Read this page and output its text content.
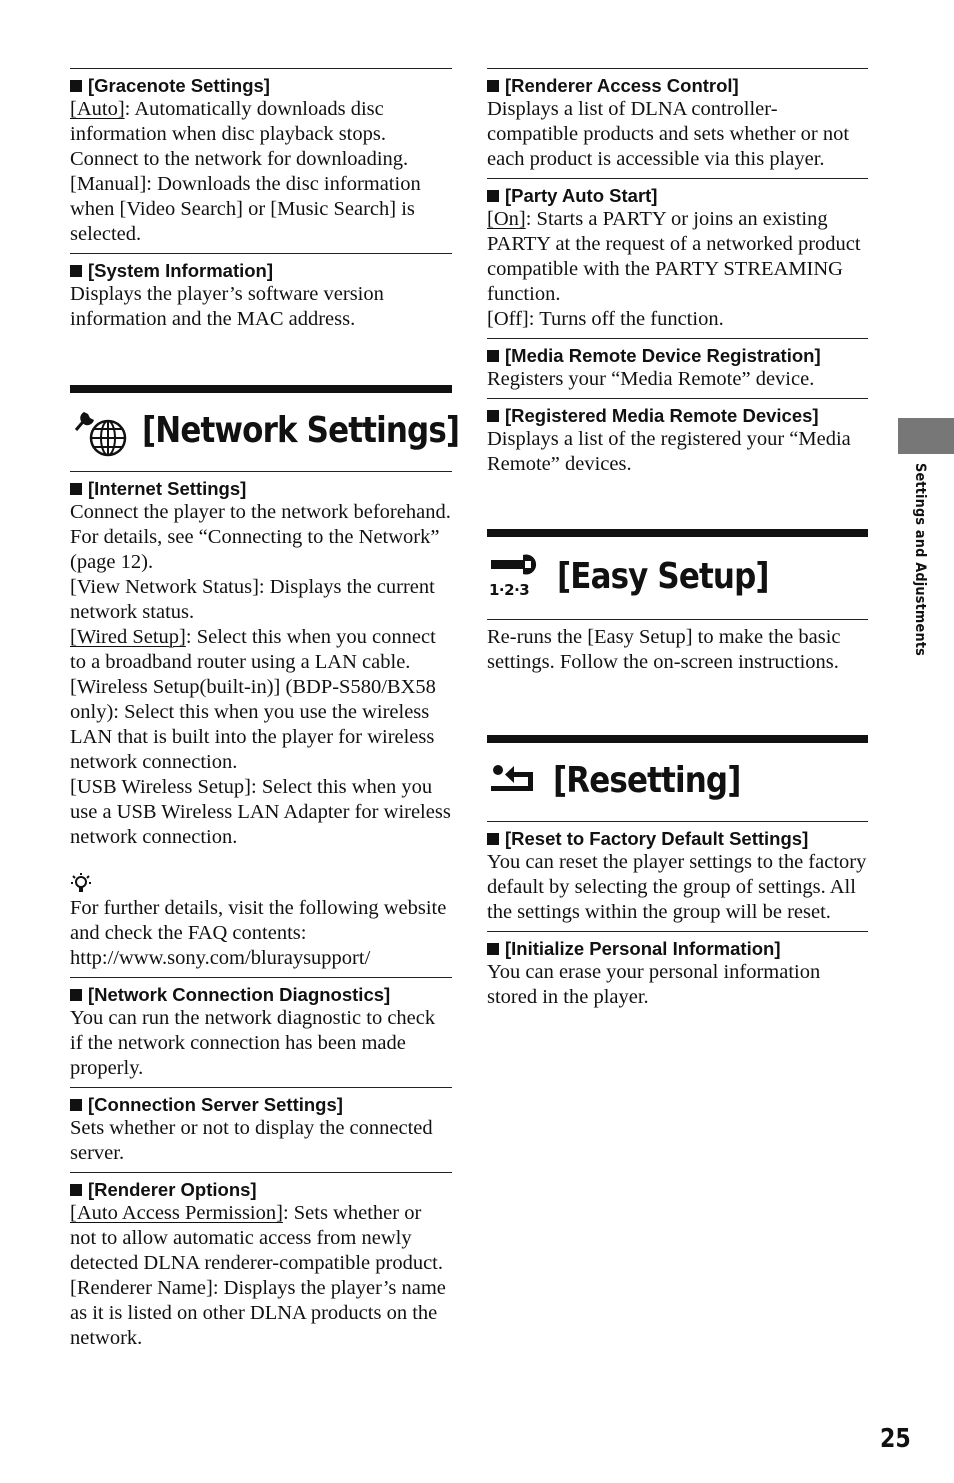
[Gracenote Settings]
[Auto]: Automatically downloads disc information when disc playback stops. Connect to the network for downloading.
[Manual]: Downloads the disc information when [Video Search] or [Music Search] is selected.
[System Information]
Displays the player’s software version information and the MAC address.
[Network Settings]
[Internet Settings]
Connect the player to the network beforehand. For details, see “Connecting to the Network” (page 12).
[View Network Status]: Displays the current network status.
[Wired Setup]: Select this when you connect to a broadband router using a LAN cable.
[Wireless Setup(built-in)] (BDP-S580/BX58 only): Select this when you use the wireless LAN that is built into the player for wireless network connection.
[USB Wireless Setup]: Select this when you use a USB Wireless LAN Adapter for wireless network connection.
For further details, visit the following website and check the FAQ contents: http://www.sony.com/bluraysupport/
[Network Connection Diagnostics]
You can run the network diagnostic to check if the network connection has been made properly.
[Connection Server Settings]
Sets whether or not to display the connected server.
[Renderer Options]
[Auto Access Permission]: Sets whether or not to allow automatic access from newly detected DLNA renderer-compatible product.
[Renderer Name]: Displays the player’s name as it is listed on other DLNA products on the network.
[Renderer Access Control]
Displays a list of DLNA controller-compatible products and sets whether or not each product is accessible via this player.
[Party Auto Start]
[On]: Starts a PARTY or joins an existing PARTY at the request of a networked product compatible with the PARTY STREAMING function.
[Off]: Turns off the function.
[Media Remote Device Registration]
Registers your “Media Remote” device.
[Registered Media Remote Devices]
Displays a list of the registered your “Media Remote” devices.
1·2·3 [Easy Setup]
Re-runs the [Easy Setup] to make the basic settings. Follow the on-screen instructions.
[Resetting]
[Reset to Factory Default Settings]
You can reset the player settings to the factory default by selecting the group of settings. All the settings within the group will be reset.
[Initialize Personal Information]
You can erase your personal information stored in the player.
Settings and Adjustments
25
